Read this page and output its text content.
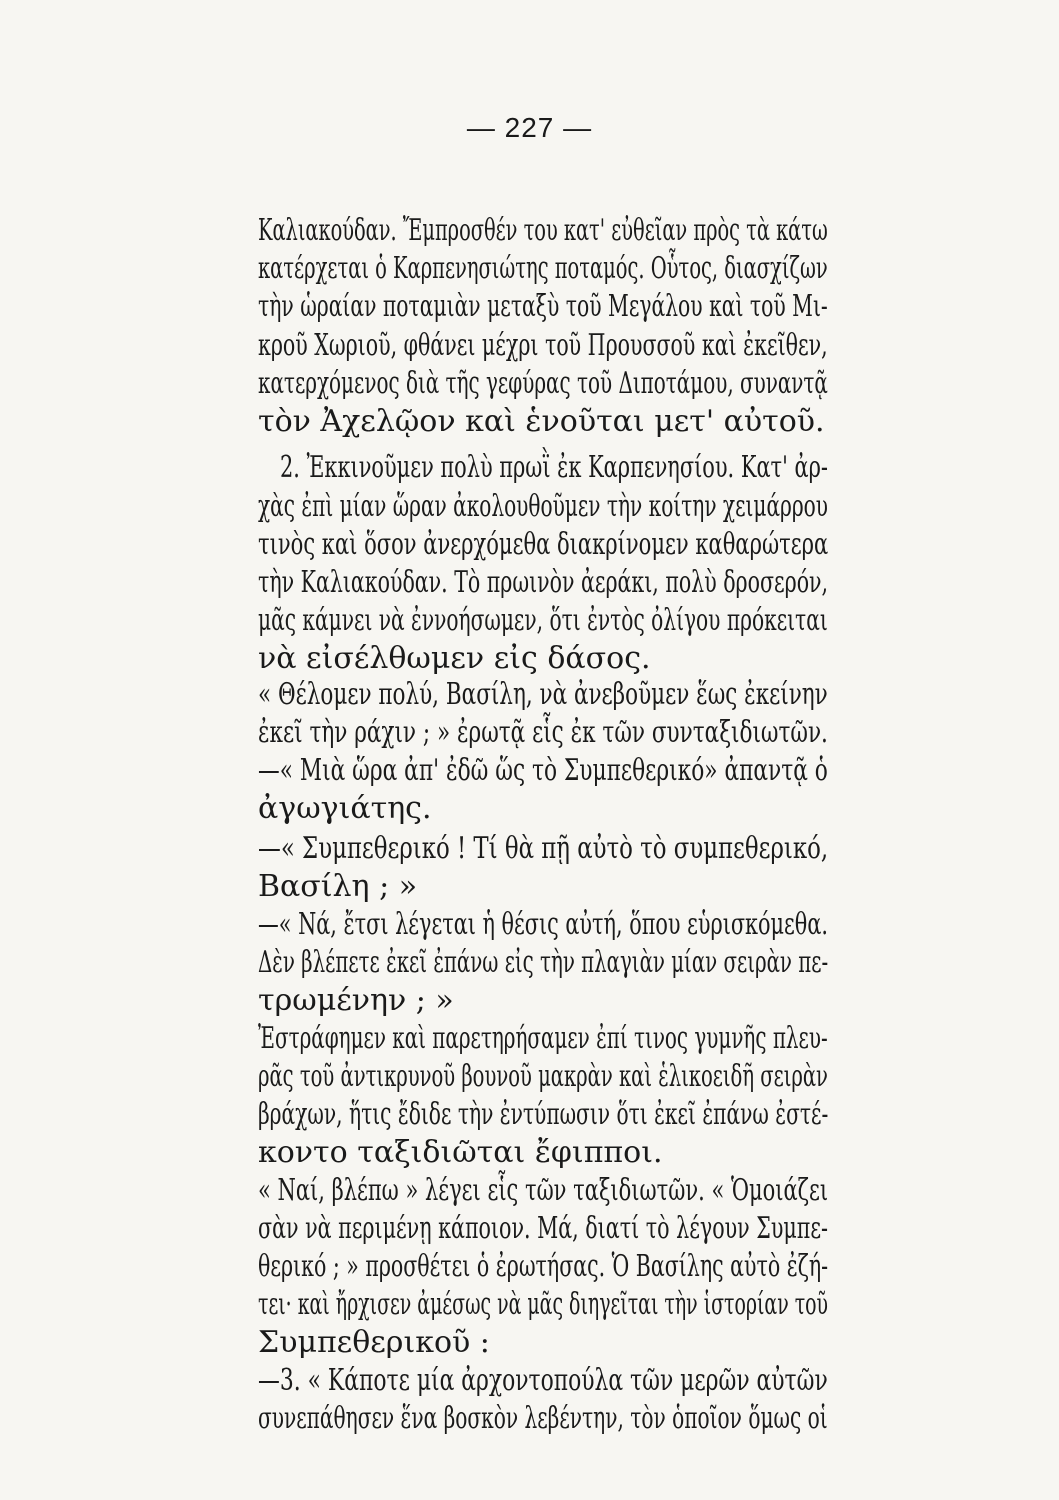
— 227 —
Καλιακούδαν. Ἔμπροσθέν του κατ' εὐθεῖαν πρὸς τὰ κάτω
κατέρχεται ὁ Καρπενησιώτης ποταμός. Οὗτος, διασχίζων
τὴν ὡραίαν ποταμιὰν μεταξὺ τοῦ Μεγάλου καὶ τοῦ Μι-
κροῦ Χωριοῦ, φθάνει μέχρι τοῦ Προυσσοῦ καὶ ἐκεῖθεν,
κατερχόμενος διὰ τῆς γεφύρας τοῦ Διποτάμου, συναντᾷ
τὸν Ἀχελῷον καὶ ἑνοῦται μετ' αὐτοῦ.
2. Ἐκκινοῦμεν πολὺ πρωῒ ἐκ Καρπενησίου. Κατ' ἀρ-
χὰς ἐπὶ μίαν ὥραν ἀκολουθοῦμεν τὴν κοίτην χειμάρρου
τινὸς καὶ ὅσον ἀνερχόμεθα διακρίνομεν καθαρώτερα
τὴν Καλιακούδαν. Τὸ πρωινὸν ἀεράκι, πολὺ δροσερόν,
μᾶς κάμνει νὰ ἐννοήσωμεν, ὅτι ἐντὸς ὀλίγου πρόκειται
νὰ εἰσέλθωμεν εἰς δάσος.
« Θέλομεν πολύ, Βασίλη, νὰ ἀνεβοῦμεν ἕως ἐκείνην
ἐκεῖ τὴν ράχιν ; » ἐρωτᾷ εἷς ἐκ τῶν συνταξιδιωτῶν.
—« Μιὰ ὥρα ἀπ' ἐδῶ ὥς τὸ Συμπεθερικό» ἀπαντᾷ ὁ
ἀγωγιάτης.
—« Συμπεθερικό ! Τί θὰ πῇ αὐτὸ τὸ συμπεθερικό,
Βασίλη ; »
—« Νά, ἔτσι λέγεται ἡ θέσις αὐτή, ὅπου εὑρισκόμεθα.
Δὲν βλέπετε ἐκεῖ ἐπάνω εἰς τὴν πλαγιὰν μίαν σειρὰν πε-
τρωμένην ; »
Ἐστράφημεν καὶ παρετηρήσαμεν ἐπί τινος γυμνῆς πλευ-
ρᾶς τοῦ ἀντικρυνοῦ βουνοῦ μακρὰν καὶ ἑλικοειδῆ σειρὰν
βράχων, ἥτις ἔδιδε τὴν ἐντύπωσιν ὅτι ἐκεῖ ἐπάνω ἐστέ-
κοντο ταξιδιῶται ἔφιπποι.
« Ναί, βλέπω » λέγει εἷς τῶν ταξιδιωτῶν. « Ὁμοιάζει
σὰν νὰ περιμένῃ κάποιον. Μά, διατί τὸ λέγουν Συμπε-
θερικό ; » προσθέτει ὁ ἐρωτήσας. Ὁ Βασίλης αὐτὸ ἐζή-
τει· καὶ ἤρχισεν ἀμέσως νὰ μᾶς διηγεῖται τὴν ἱστορίαν τοῦ
Συμπεθερικοῦ :
—3. « Κάποτε μία ἀρχοντοπούλα τῶν μερῶν αὐτῶν
συνεπάθησεν ἕνα βοσκὸν λεβέντην, τὸν ὁποῖον ὅμως οἱ
